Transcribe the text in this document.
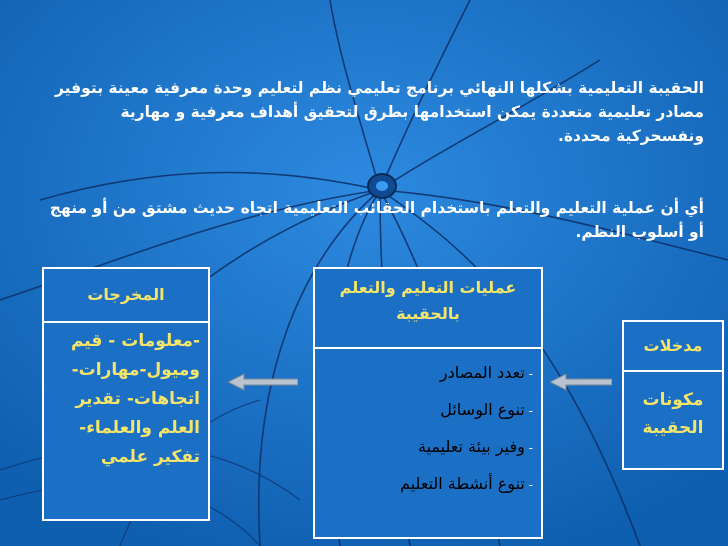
الحقيبة التعليمية بشكلها النهائي برنامج تعليمي نظم لتعليم وحدة معرفية معينة بتوفير مصادر تعليمية متعددة يمكن استخدامها بطرق لتحقيق أهداف معرفية و مهارية ونفسحركية محددة.
أي أن عملية التعليم والتعلم باستخدام الحقائب التعليمية اتجاه حديث مشتق من أو منهج أو أسلوب النظم.
المخرجات
-معلومات - قيم وميول-مهارات-اتجاهات- تقدير العلم والعلماء- تفكير علمي
عمليات التعليم والتعلم بالحقيبة
- تعدد المصادر
- تنوع الوسائل
- وفير بيئة تعليمية
- تنوع أنشطة التعليم
مدخلات
مكونات الحقيبة
